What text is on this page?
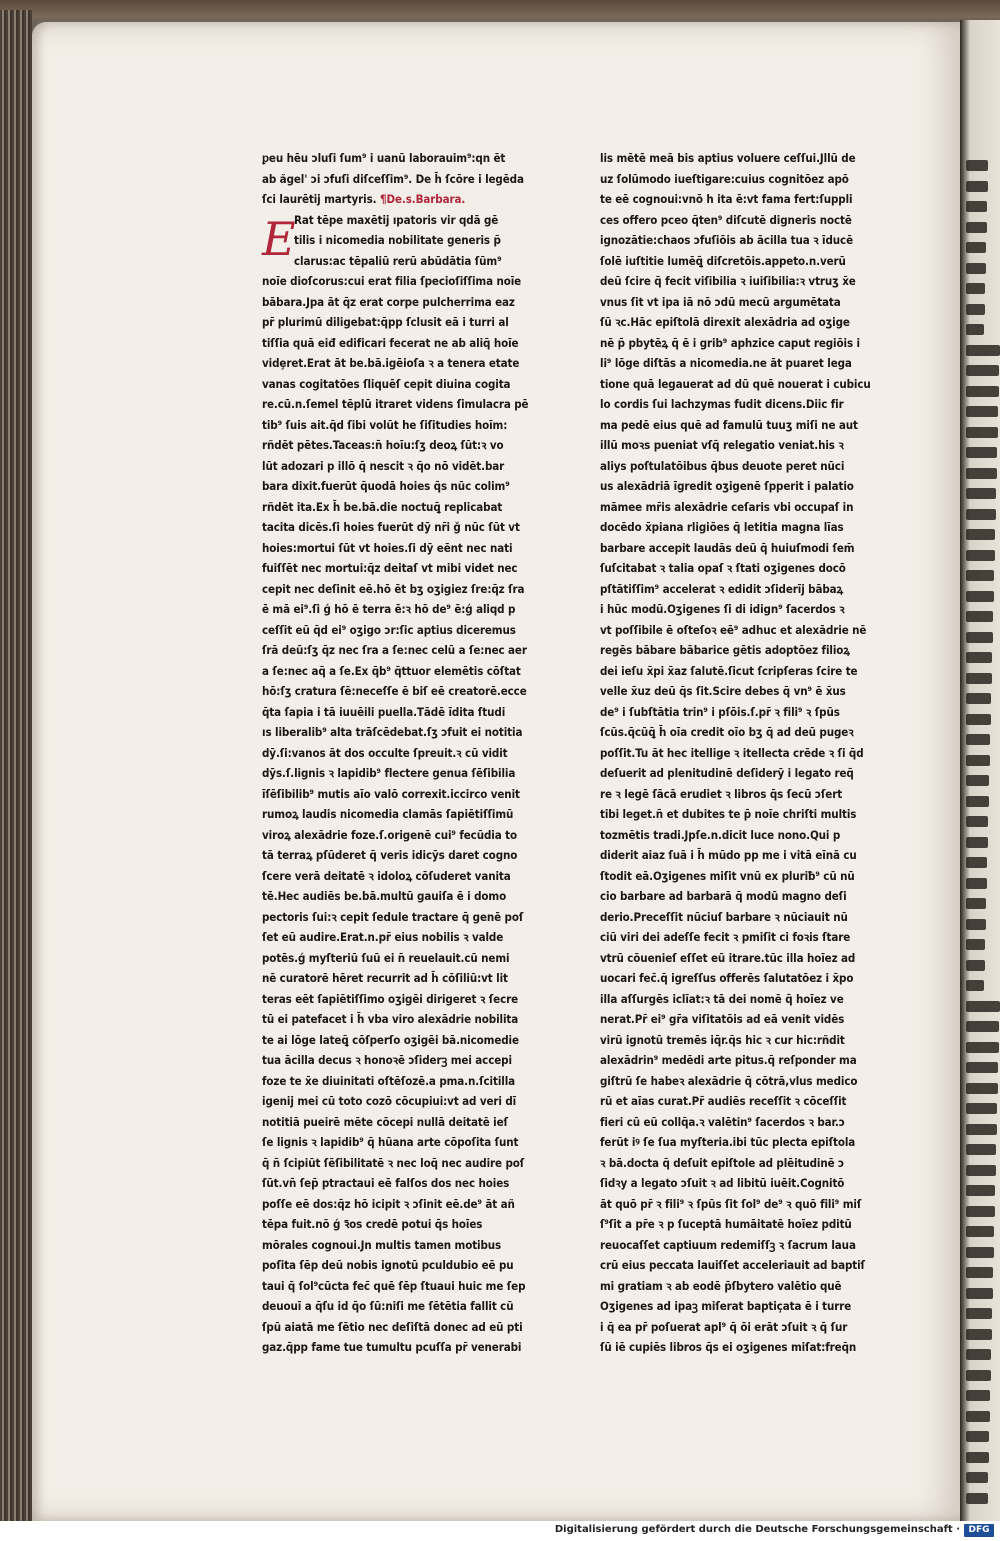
ᵱeu hēu ɔluſi ſum⁹ i uanū laborauim⁹:qn ēt
ab ăgel' ɔi ɔfuſi diſceſſim⁹. De h̄ ſcōre i legēda
ſci laurētij martyris. ¶De.s.Barbara.
E
Rat tēpe maxētij ıpatoris vir qdā gē
tilis i nicomedia nobilitate generis p̄
clarus:ac tēpaliū rerū abūdātia ſūm⁹
noīe dioſcorus:cui erat filia ſpecioſiſſima noīe
bābara.Jpa āt q̄z erat corpe pulcherrima eaz
pr̄ plurimū diligebat:q̄pp ſclusit eā i turri al
tiſſia quā eiđ edificari fecerat ne ab aliq̄ hoīe
vidȩret.Erat āt be.bā.igēioſa ꝛ a tenera etate
vanas cogitatōes ſliquēſ cepit diuina cogita
re.cū.n.ſemel tēplū itraret videns ſimulacra pē
tib⁹ ſuis ait.q̄d ſibi volūt he ſiſitudies hoīm:
rñdēt pētes.Taceas:n̄ hoīu:ſʒ deoꝝ ſūt:ꝛ vo
lūt adozari p illō q̄ nescit ꝛ q̄o nō vidēt.bar
bara dixit.fuerūt q̄uodā hoies q̄s nūc colim⁹
rñdēt ita.Ex h̄ be.bā.die noctuꝗ̄ replicabat
tacita dicēs.ſi hoies fuerūt dȳ nr̄i ǧ nūc ſūt vt
hoies:mortui ſūt vt hoies.ſi dȳ eēnt nec nati
fuiſſēt nec mortui:q̄z deitaſ vt mibi videt nec
cepit nec deſinit eē.hō ēt bʒ oʒigiez ſre:q̄z ſra
ē mā ei⁹.ſi ǵ hō ē terra ē:ꝛ hō de⁹ ē:ǵ aliqd p
ceſſit eū q̄d ei⁹ oʒigo ɔr:ſic aptius diceremus
ſrā deū:ſʒ q̄z nec ſra a ſe:nec celū a ſe:nec aer
a ſe:nec aq̄ a ſe.Ex q̄b⁹ q̄ttuor elemētis cōſtat
hō:ſʒ cratura ſē:neceſſe ē biſ eē creatorē.ecce
q̄ta ſapia i tā iuuēili puella.Tādē īdita ſtudi
ıs liberalib⁹ alta trāſcēdebat.ſʒ ɔfuit ei notitia
dȳ.ſi:vanos āt dos occulte ſpreuit.ꝛ cū vidit
dȳs.ſ.lignis ꝛ lapidib⁹ flectere genua ſēſibilia
īſēſibilib⁹ mutis aīo valō correxit.iccirco venit
rumoꝝ laudis nicomedia clamās ſapiētiſſimū
viroꝝ alexādrie foze.ſ.origenē cui⁹ fecūdia to
tā terraꝝ pſūderet q̄ veris idicȳs daret cogno
ſcere verā deitatē ꝛ idoloꝝ cōſuderet vanita
tē.Hec audiēs be.bā.multū gauiſa ē i domo
pectoris ſui:ꝛ cepit ſedule tractare q̄ genē poſ
ſet eū audire.Erat.n.pr̄ eius nobilis ꝛ valde
potēs.ǵ myſteriū ſuū ei n̄ reuelauit.cū nemi
nē curatorē hēret recurrit ad h̄ cōſiliū:vt lit
teras eēt ſapiētiſſimo oʒigēi dirigeret ꝛ ſecre
tū ei patefacet i h̄ vba viro alexādrie nobilita
te ai lōge lateꝗ̄ cōſperſo oʒigēi bā.nicomedie
tua ācilla decus ꝛ honoꝛē ɔſiderꝫ mei accepi
foze te x̄e diuinitati oſtēſozē.a pma.n.ſcitilla
igenij mei cū toto cozō cōcupiui:vt ad veri dī
notitiā pueirē mēte cōcepi nullā deitatē ieſ
ſe lignis ꝛ lapidib⁹ q̄ hūana arte cōpoſita ſunt
q̄ n̄ ſcipiūt ſēſibilitatē ꝛ nec loq̄ nec audire poſ
ſūt.vn̄ ſep̄ ptractaui eē falſos dos nec hoies
poſſe eē dos:q̄z hō icipit ꝛ ɔſinit eē.de⁹ āt añ
tēpa fuit.nō ǵ ꝛ̄os credē potui q̄s hoīes
mōrales cognoui.Jn multis tamen motibus
poſita ſēp deū nobis ignotū pculdubio eē pu
taui q̄ ſol⁹cūcta fec̄ quē ſēp ſtuaui huic me ſep
deuouī a q̄ſu id q̄o ſū:niſi me ſētētia fallit cū
ſpū aiatā me ſētio nec deſiſtā donec ad eū pti
gaz.q̄pp fame tue tumultu pcuſſa pr̄ venerabi
lis mētē meā bis aptius voluere ceſſui.Jllū de
uz ſolūmodo iueſtigare:cuius cognitōez apō
te eē cognoui:vnō h ita ē:vt fama fert:ſuppli
ces offero pceo q̄ten⁹ diſcutē digneris noctē
ignozātie:chaos ɔfuſiōis ab ācilla tua ꝛ īducē
ſolē iuſtitie lumēꝗ̄ diſcretōis.appeto.n.verū
deū ſcire q̄ fecit viſibilia ꝛ iuiſibilia:ꝛ vtruʒ x̄e
vnus ſit vt ipa iā nō ɔdū mecū argumētata
ſū ꝛc.Hāc epiſtolā direxit alexādria ad oʒige
nē p̄ pbytēꝝ q̄ ē i grib⁹ aphzice caput regiōis i
li⁹ lōge diſtās a nicomedia.ne āt puaret lega
tione quā legauerat ad dū quē nouerat i cubicu
lo cordis ſui lachzymas fudit dicens.Diic fir
ma pedē eius quē ad famulū tuuʒ miſi ne aut
illū moꝛs pueniat vſq̄ relegatio veniat.his ꝛ
aliys poſtulatōibus q̄bus deuote peret nūci
us alexādriā īgredit oʒigenē ſpperit i palatio
māmee mr̄is alexādrie ceſaris vbi occupaſ in
docēdo x̄piana rligiōes q̄ letitia magna līas
barbare accepit laudās deū q̄ huiuſmodi ſem̄
ſuſcitabat ꝛ talia opaſ ꝛ ſtati oʒigenes docō
pſtātiſſim⁹ accelerat ꝛ edidit ɔſiderīj bābaꝝ
i hūc modū.Oʒigenes ſi di idign⁹ ſacerdos ꝛ
vt poſſibile ē oſteſoꝛ eē⁹ adhuc et alexādrie nē
regēs bābare bābarice gētis adoptōez filioꝝ
dei ieſu x̄pi x̄az ſalutē.ſicut ſcripſeras ſcire te
velle x̄uz deū q̄s ſit.Scire debes q̄ vn⁹ ē x̄us
de⁹ i ſubſtātia trin⁹ i pſōis.ſ.pr̄ ꝛ fili⁹ ꝛ ſpūs
ſcūs.q̄cūꝗ̄ h̄ oīa credit oīo bʒ q̄ ad deū pugeꝛ
poſſit.Tu āt hec itellige ꝛ itellecta crēde ꝛ ſi q̄d
deſuerit ad plenitudinē deſiderȳ i legato req̄
re ꝛ legē ſācā erudiet ꝛ libros q̄s ſecū ɔſert
tibi leget.n̄ et dubites te p̄ noīe chriſti multis
tozmētis tradi.Jpſe.n.dicit luce nono.Qui p
diderit aiaz ſuā i h̄ mūdo pp me i vitā eīnā cu
ſtodit eā.Oʒigenes miſit vnū ex pluriƀ⁹ cū nū
cio barbare ad barbarā q̄ modū magno deſi
derio.Preceſſit nūciuſ barbare ꝛ nūciauit nū
ciū viri dei adeſſe fecit ꝛ pmiſit ci foꝛis ſtare
vtrū cōuenieſ eſſet eū itrare.tūc illa hoīez ad
uocari fec̄.q̄ igreſſus offerēs ſalutatōez i x̄po
illa aſſurgēs iclīat:ꝛ tā dei nomē q̄ hoīez ve
nerat.Pr̄ ei⁹ gr̄a viſitatōis ad eā venit vidēs
virū ignotū tremēs iq̄r.q̄s hic ꝛ cur hic:rñdit
alexādrin⁹ medēdi arte pitus.q̄ reſponder ma
giſtrū ſe habeꝛ alexādrie q̄ cōtrā,vlus medico
rū et aīas curat.Pr̄ audiēs receſſit ꝛ cōceſſit
fieri cū eū collq̄a.ꝛ valētin⁹ ſacerdos ꝛ bar.ɔ
ferūt iꝰ ſe ſua myſteria.ibi tūc plecta epiſtola
ꝛ bā.docta q̄ deſuit epiſtole ad plēitudinē ɔ
ſidꝛy a legato ɔſuit ꝛ ad libitū iuēit.Cognitō
āt quō pr̄ ꝛ fili⁹ ꝛ ſpūs ſit ſol⁹ de⁹ ꝛ quō fili⁹ miſ
ſ⁹ſit a pr̄e ꝛ p ſuceptā humāitatē hoīez pditū
reuocaſſet captiuum redemiſſꝫ ꝛ ſacrum laua
crū eius peccata lauiſſet acceleriauit ad baptiſ
mi gratiam ꝛ ab eodē p̄ſbytero valētio quē
Oʒigenes ad ipaꝫ miſerat baptiçata ē i turre
i q̄ ea pr̄ poſuerat apl⁹ q̄ ōi erāt ɔſuit ꝛ q̄ ſur
ſū iē cupiēs libros q̄s ei oʒigenes miſat:freq̄n
Digitalisierung gefördert durch die Deutsche Forschungsgemeinschaft · DFG
